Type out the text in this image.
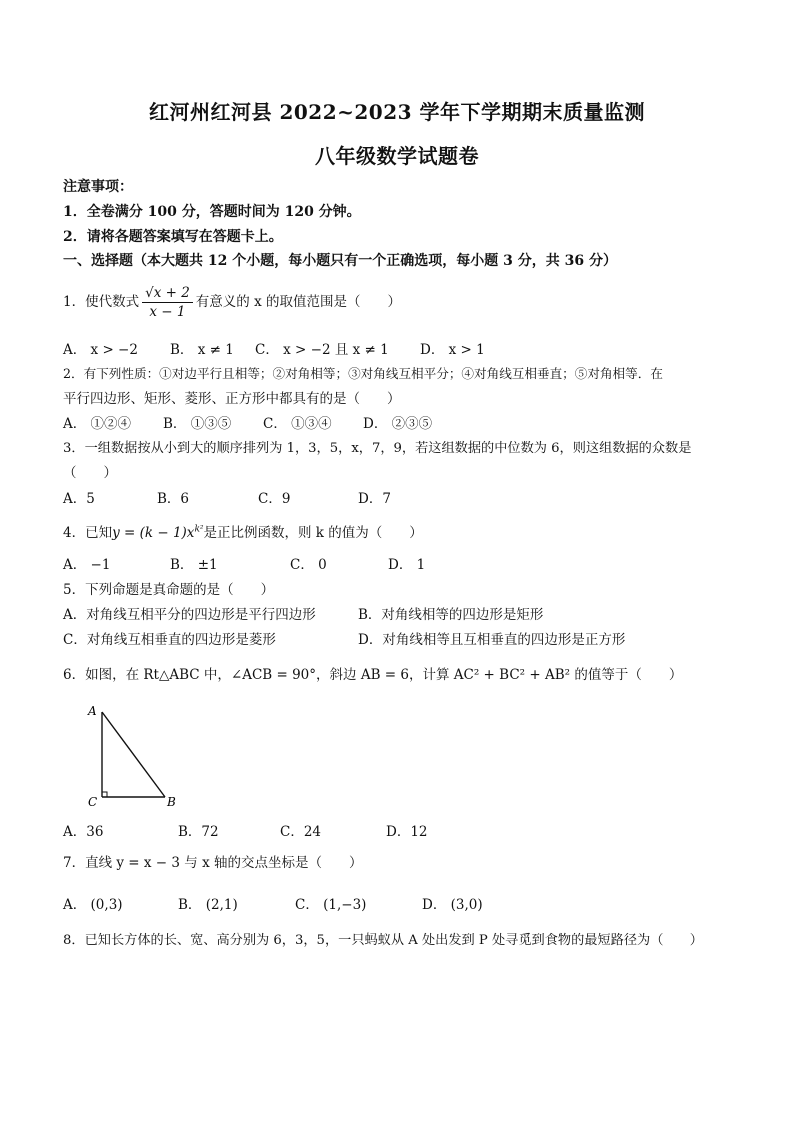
红河州红河县 2022~2023 学年下学期期末质量监测
八年级数学试题卷
注意事项：
1．全卷满分 100 分，答题时间为 120 分钟。
2．请将各题答案填写在答题卡上。
一、选择题（本大题共 12 个小题，每小题只有一个正确选项，每小题 3 分，共 36 分）
1．使代数式 $\frac{√x + 2}{x - 1}$ 有意义的 x 的取值范围是（　　）
A． x > −2 B． x ≠ 1 C． x > −2 且 x ≠ 1 D． x > 1
2．有下列性质：①对边平行且相等；②对角相等；③对角线互相平分；④对角线互相垂直；⑤对角相等．在
平行四边形、矩形、菱形、正方形中都具有的是（　　）
A． ①②④ B． ①③⑤ C． ①③④ D． ②③⑤
3．一组数据按从小到大的顺序排列为 1，3，5，x，7，9，若这组数据的中位数为 6，则这组数据的众数是
（　　）
A．5	B．6	C．9	D．7
4．已知$y = (k - 1)x^{k^2}$是正比例函数，则 k 的值为（　　）
A． −1	B． ±1	C． 0	D． 1
5．下列命题是真命题的是（　　）
A．对角线互相平分的四边形是平行四边形	B．对角线相等的四边形是矩形
C．对角线互相垂直的四边形是菱形	D．对角线相等且互相垂直的四边形是正方形
6．如图，在 Rt△ABC 中，∠ACB = 90°，斜边 AB = 6，计算 AC² + BC² + AB² 的值等于（　　）
A
C	B
A．36	B．72	C．24	D．12
7．直线 y = x − 3 与 x 轴的交点坐标是（　　）
A． (0,3)	B． (2,1)	C． (1,−3)	D． (3,0)
8．已知长方体的长、宽、高分别为 6，3，5，一只蚂蚁从 A 处出发到 P 处寻觅到食物的最短路径为（　　）
